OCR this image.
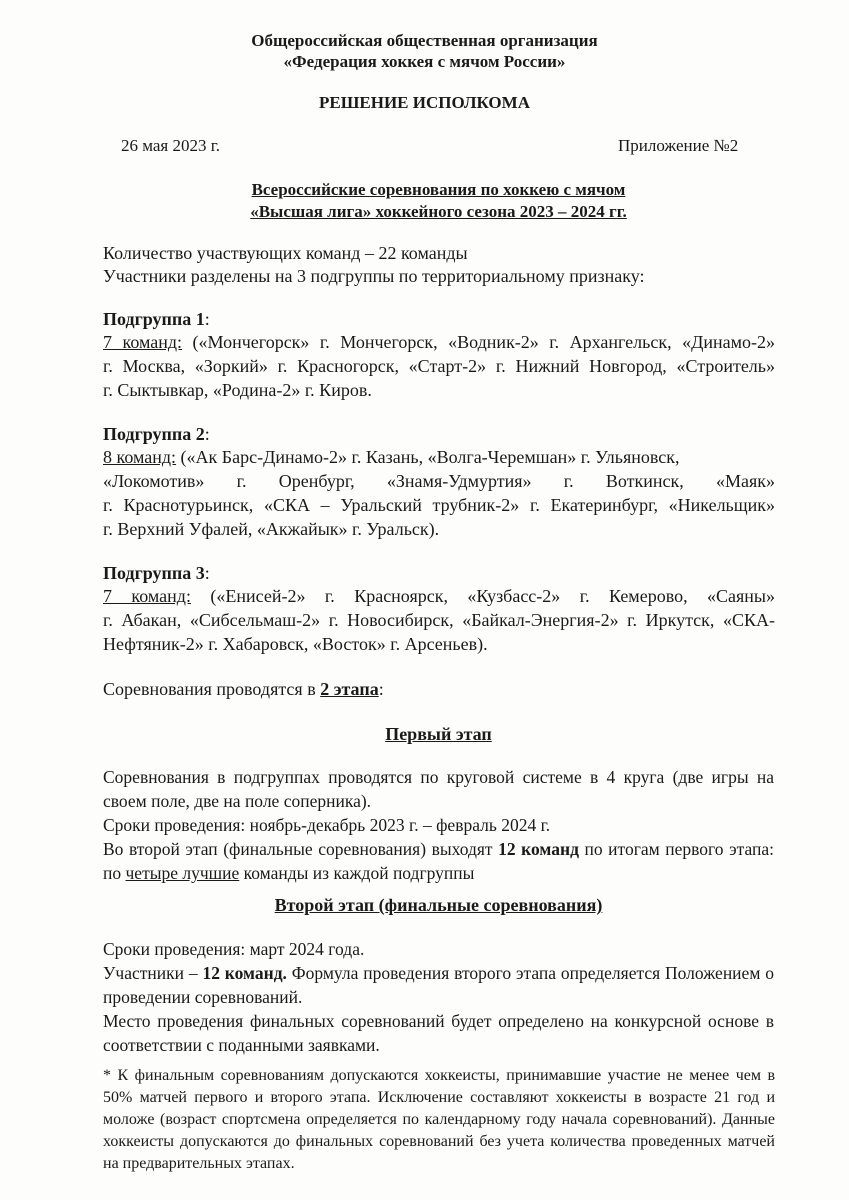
Общероссийская общественная организация
«Федерация хоккея с мячом России»
РЕШЕНИЕ ИСПОЛКОМА
26 мая 2023 г.	Приложение №2
Всероссийские соревнования по хоккею с мячом
«Высшая лига» хоккейного сезона 2023 – 2024 гг.
Количество участвующих команд – 22 команды
Участники разделены на 3 подгруппы по территориальному признаку:
Подгруппа 1:
7 команд: («Мончегорск» г. Мончегорск, «Водник-2» г. Архангельск, «Динамо-2»
г. Москва, «Зоркий» г. Красногорск, «Старт-2» г. Нижний Новгород, «Строитель»
г. Сыктывкар, «Родина-2» г. Киров.
Подгруппа 2:
8 команд: («Ак Барс-Динамо-2» г. Казань, «Волга-Черемшан» г. Ульяновск,
«Локомотив» г. Оренбург, «Знамя-Удмуртия» г. Воткинск, «Маяк»
г. Краснотурьинск, «СКА – Уральский трубник-2» г. Екатеринбург, «Никельщик»
г. Верхний Уфалей, «Акжайык» г. Уральск).
Подгруппа 3:
7 команд: («Енисей-2» г. Красноярск, «Кузбасс-2» г. Кемерово, «Саяны»
г. Абакан, «Сибсельмаш-2» г. Новосибирск, «Байкал-Энергия-2» г. Иркутск, «СКА-
Нефтяник-2» г. Хабаровск, «Восток» г. Арсеньев).
Соревнования проводятся в 2 этапа:
Первый этап

Соревнования в подгруппах проводятся по круговой системе в 4 круга (две игры на своем поле, две на поле соперника).

Сроки проведения: ноябрь-декабрь 2023 г. – февраль 2024 г.

Во второй этап (финальные соревнования) выходят 12 команд по итогам первого этапа: по четыре лучшие команды из каждой подгруппы

Второй этап (финальные соревнования)

Сроки проведения: март 2024 года.

Участники – 12 команд. Формула проведения второго этапа определяется Положением о проведении соревнований.

Место проведения финальных соревнований будет определено на конкурсной основе в соответствии с поданными заявками.

* К финальным соревнованиям допускаются хоккеисты, принимавшие участие не менее чем в 50% матчей первого и второго этапа. Исключение составляют хоккеисты в возрасте 21 год и моложе (возраст спортсмена определяется по календарному году начала соревнований). Данные хоккеисты допускаются до финальных соревнований без учета количества проведенных матчей на предварительных этапах.
